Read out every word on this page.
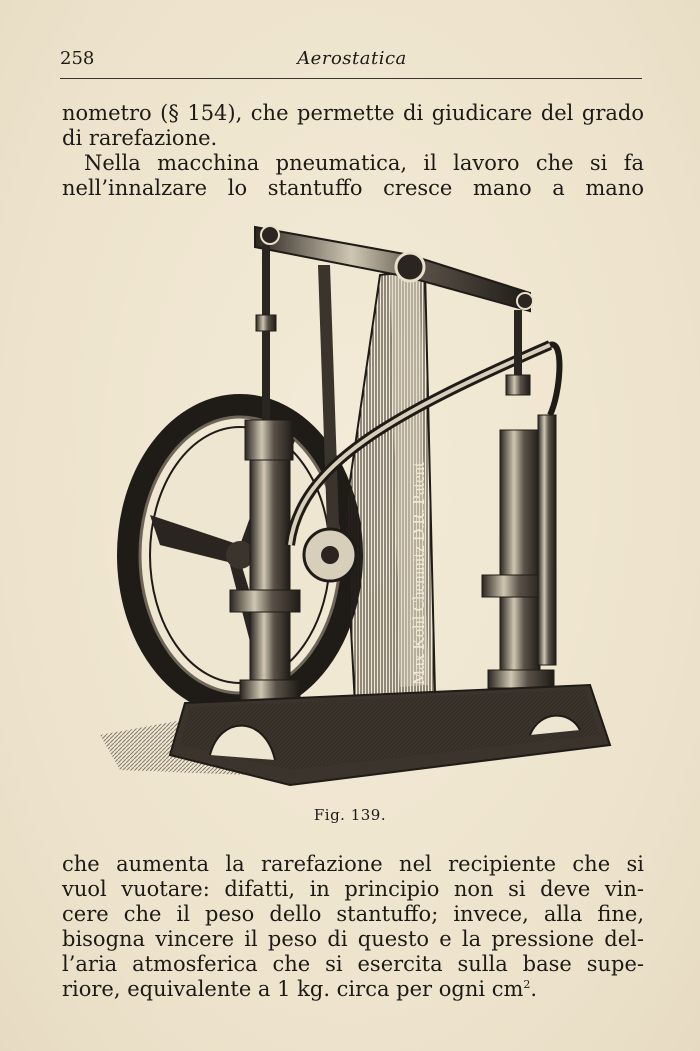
258	Aerostatica
nometro (§ 154), che permette di giudicare del grado
di rarefazione.
Nella macchina pneumatica, il lavoro che si fa
nell’innalzare lo stantuffo cresce mano a mano
Max Kohl Chemnitz D.R. Patent
Fig. 139.
che aumenta la rarefazione nel recipiente che si
vuol vuotare: difatti, in principio non si deve vin-
cere che il peso dello stantuffo; invece, alla fine,
bisogna vincere il peso di questo e la pressione del-
l’aria atmosferica che si esercita sulla base supe-
riore, equivalente a 1 kg. circa per ogni $cm^2$.
